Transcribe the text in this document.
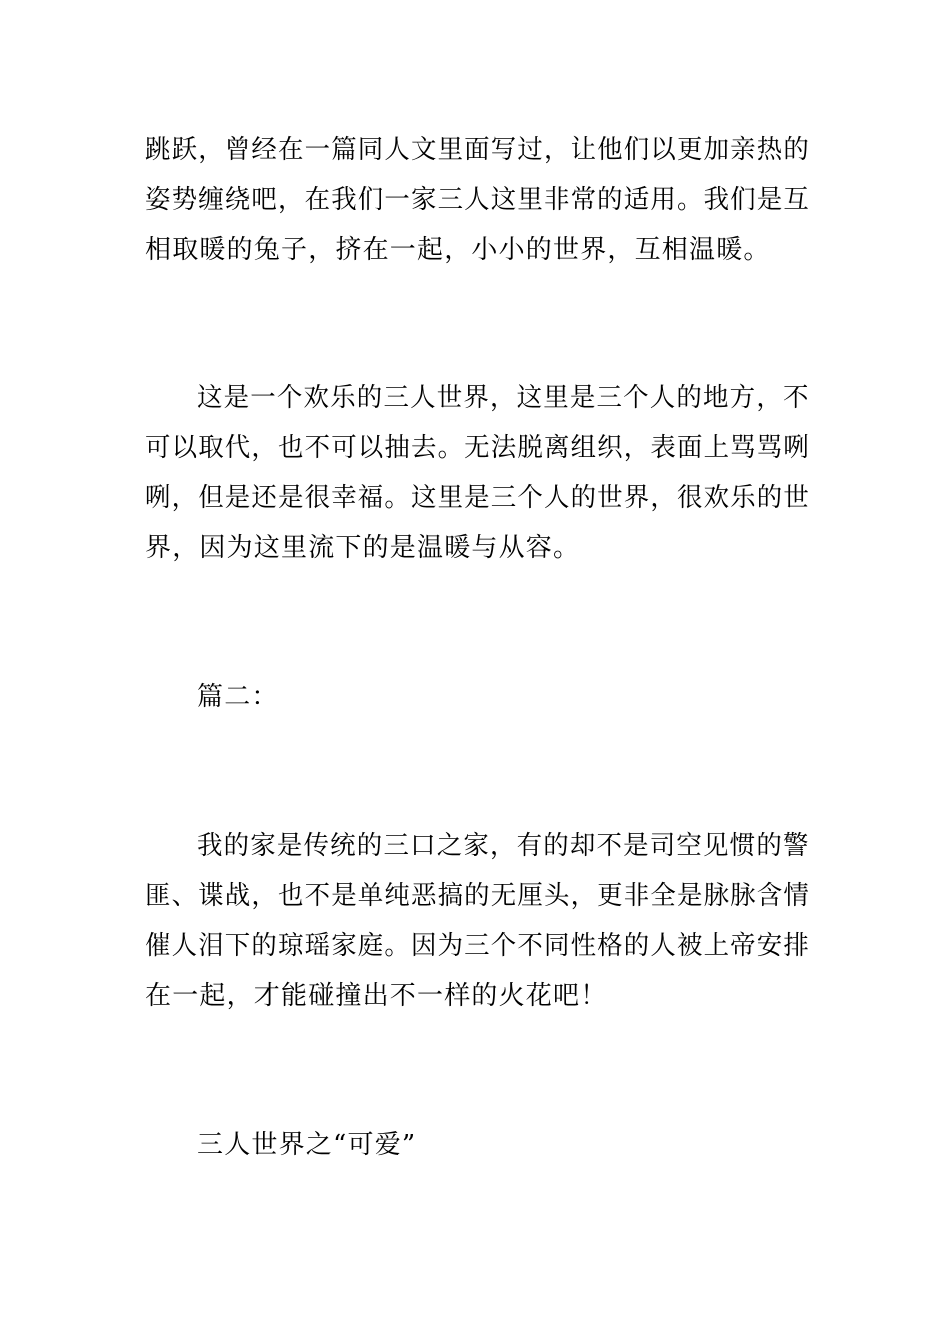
跳跃，曾经在一篇同人文里面写过，让他们以更加亲热的
姿势缠绕吧，在我们一家三人这里非常的适用。我们是互
相取暖的兔子，挤在一起，小小的世界，互相温暖。
这是一个欢乐的三人世界，这里是三个人的地方，不
可以取代，也不可以抽去。无法脱离组织，表面上骂骂咧
咧，但是还是很幸福。这里是三个人的世界，很欢乐的世
界，因为这里流下的是温暖与从容。
篇二：
我的家是传统的三口之家，有的却不是司空见惯的警
匪、谍战，也不是单纯恶搞的无厘头，更非全是脉脉含情
催人泪下的琼瑶家庭。因为三个不同性格的人被上帝安排
在一起，才能碰撞出不一样的火花吧！
三人世界之“可爱”
